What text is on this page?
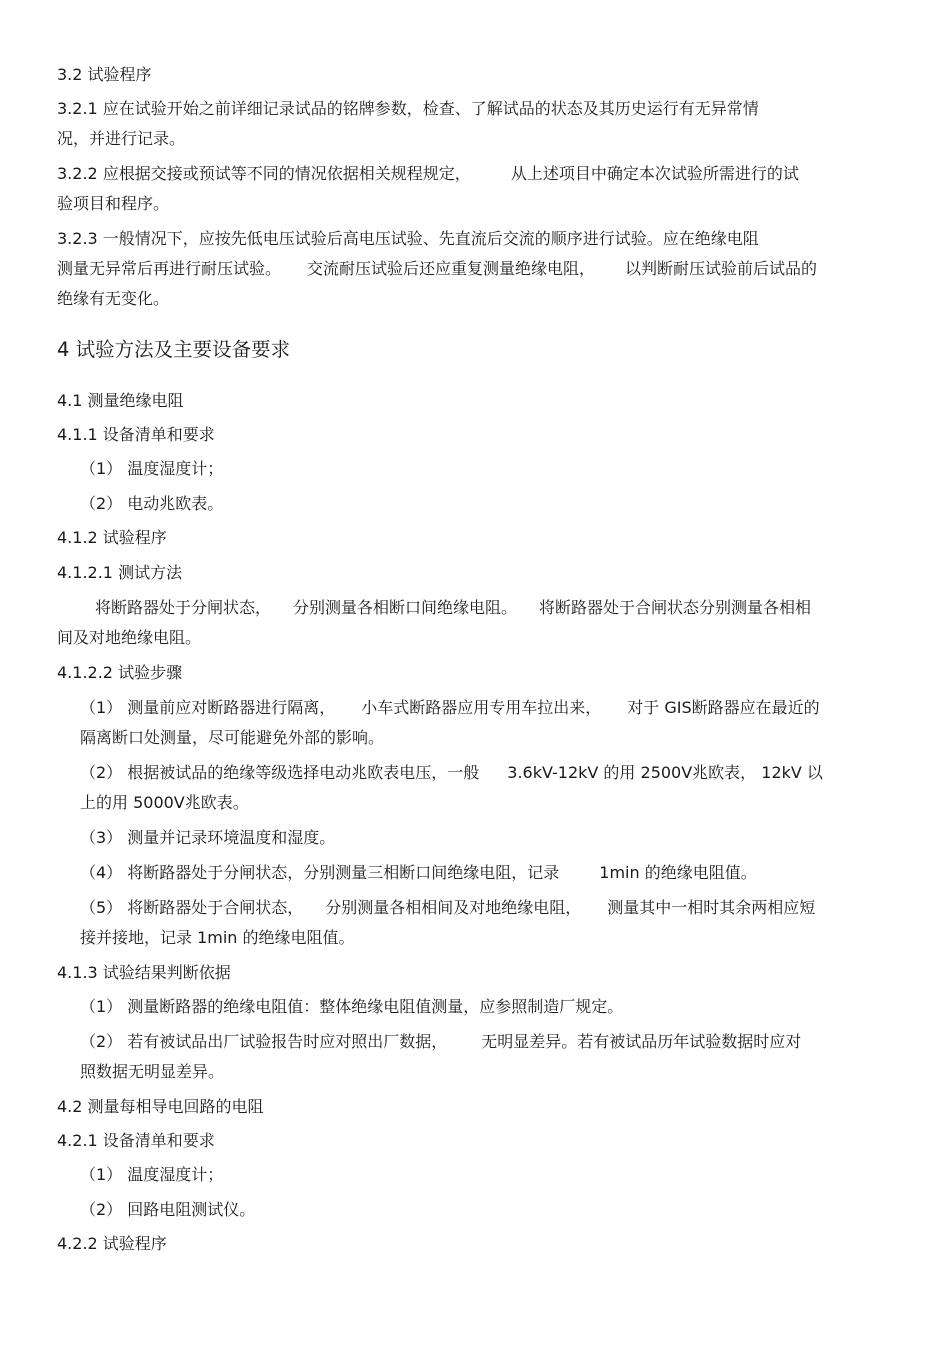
3.2 试验程序
3.2.1 应在试验开始之前详细记录试品的铭牌参数，检查、了解试品的状态及其历史运行有无异常情
况，并进行记录。
3.2.2 应根据交接或预试等不同的情况依据相关规程规定，	从上述项目中确定本次试验所需进行的试
验项目和程序。
3.2.3 一般情况下，应按先低电压试验后高电压试验、先直流后交流的顺序进行试验。应在绝缘电阻
测量无异常后再进行耐压试验。 交流耐压试验后还应重复测量绝缘电阻， 以判断耐压试验前后试品的
绝缘有无变化。
4 试验方法及主要设备要求
4.1 测量绝缘电阻
4.1.1 设备清单和要求
（1） 温度湿度计；
（2） 电动兆欧表。
4.1.2 试验程序
4.1.2.1 测试方法
将断路器处于分闸状态， 分别测量各相断口间绝缘电阻。 将断路器处于合闸状态分别测量各相相
间及对地绝缘电阻。
4.1.2.2 试验步骤
（1） 测量前应对断路器进行隔离， 小车式断路器应用专用车拉出来， 对于 GIS断路器应在最近的
隔离断口处测量，尽可能避免外部的影响。
（2） 根据被试品的绝缘等级选择电动兆欧表电压，一般 3.6kV-12kV 的用 2500V兆欧表， 12kV 以
上的用 5000V兆欧表。
（3） 测量并记录环境温度和湿度。
（4） 将断路器处于分闸状态，分别测量三相断口间绝缘电阻，记录	1min 的绝缘电阻值。
（5） 将断路器处于合闸状态， 分别测量各相相间及对地绝缘电阻， 测量其中一相时其余两相应短
接并接地，记录 1min 的绝缘电阻值。
4.1.3 试验结果判断依据
（1） 测量断路器的绝缘电阻值：整体绝缘电阻值测量，应参照制造厂规定。
（2） 若有被试品出厂试验报告时应对照出厂数据， 无明显差异。若有被试品历年试验数据时应对
照数据无明显差异。
4.2 测量每相导电回路的电阻
4.2.1 设备清单和要求
（1） 温度湿度计；
（2） 回路电阻测试仪。
4.2.2 试验程序
